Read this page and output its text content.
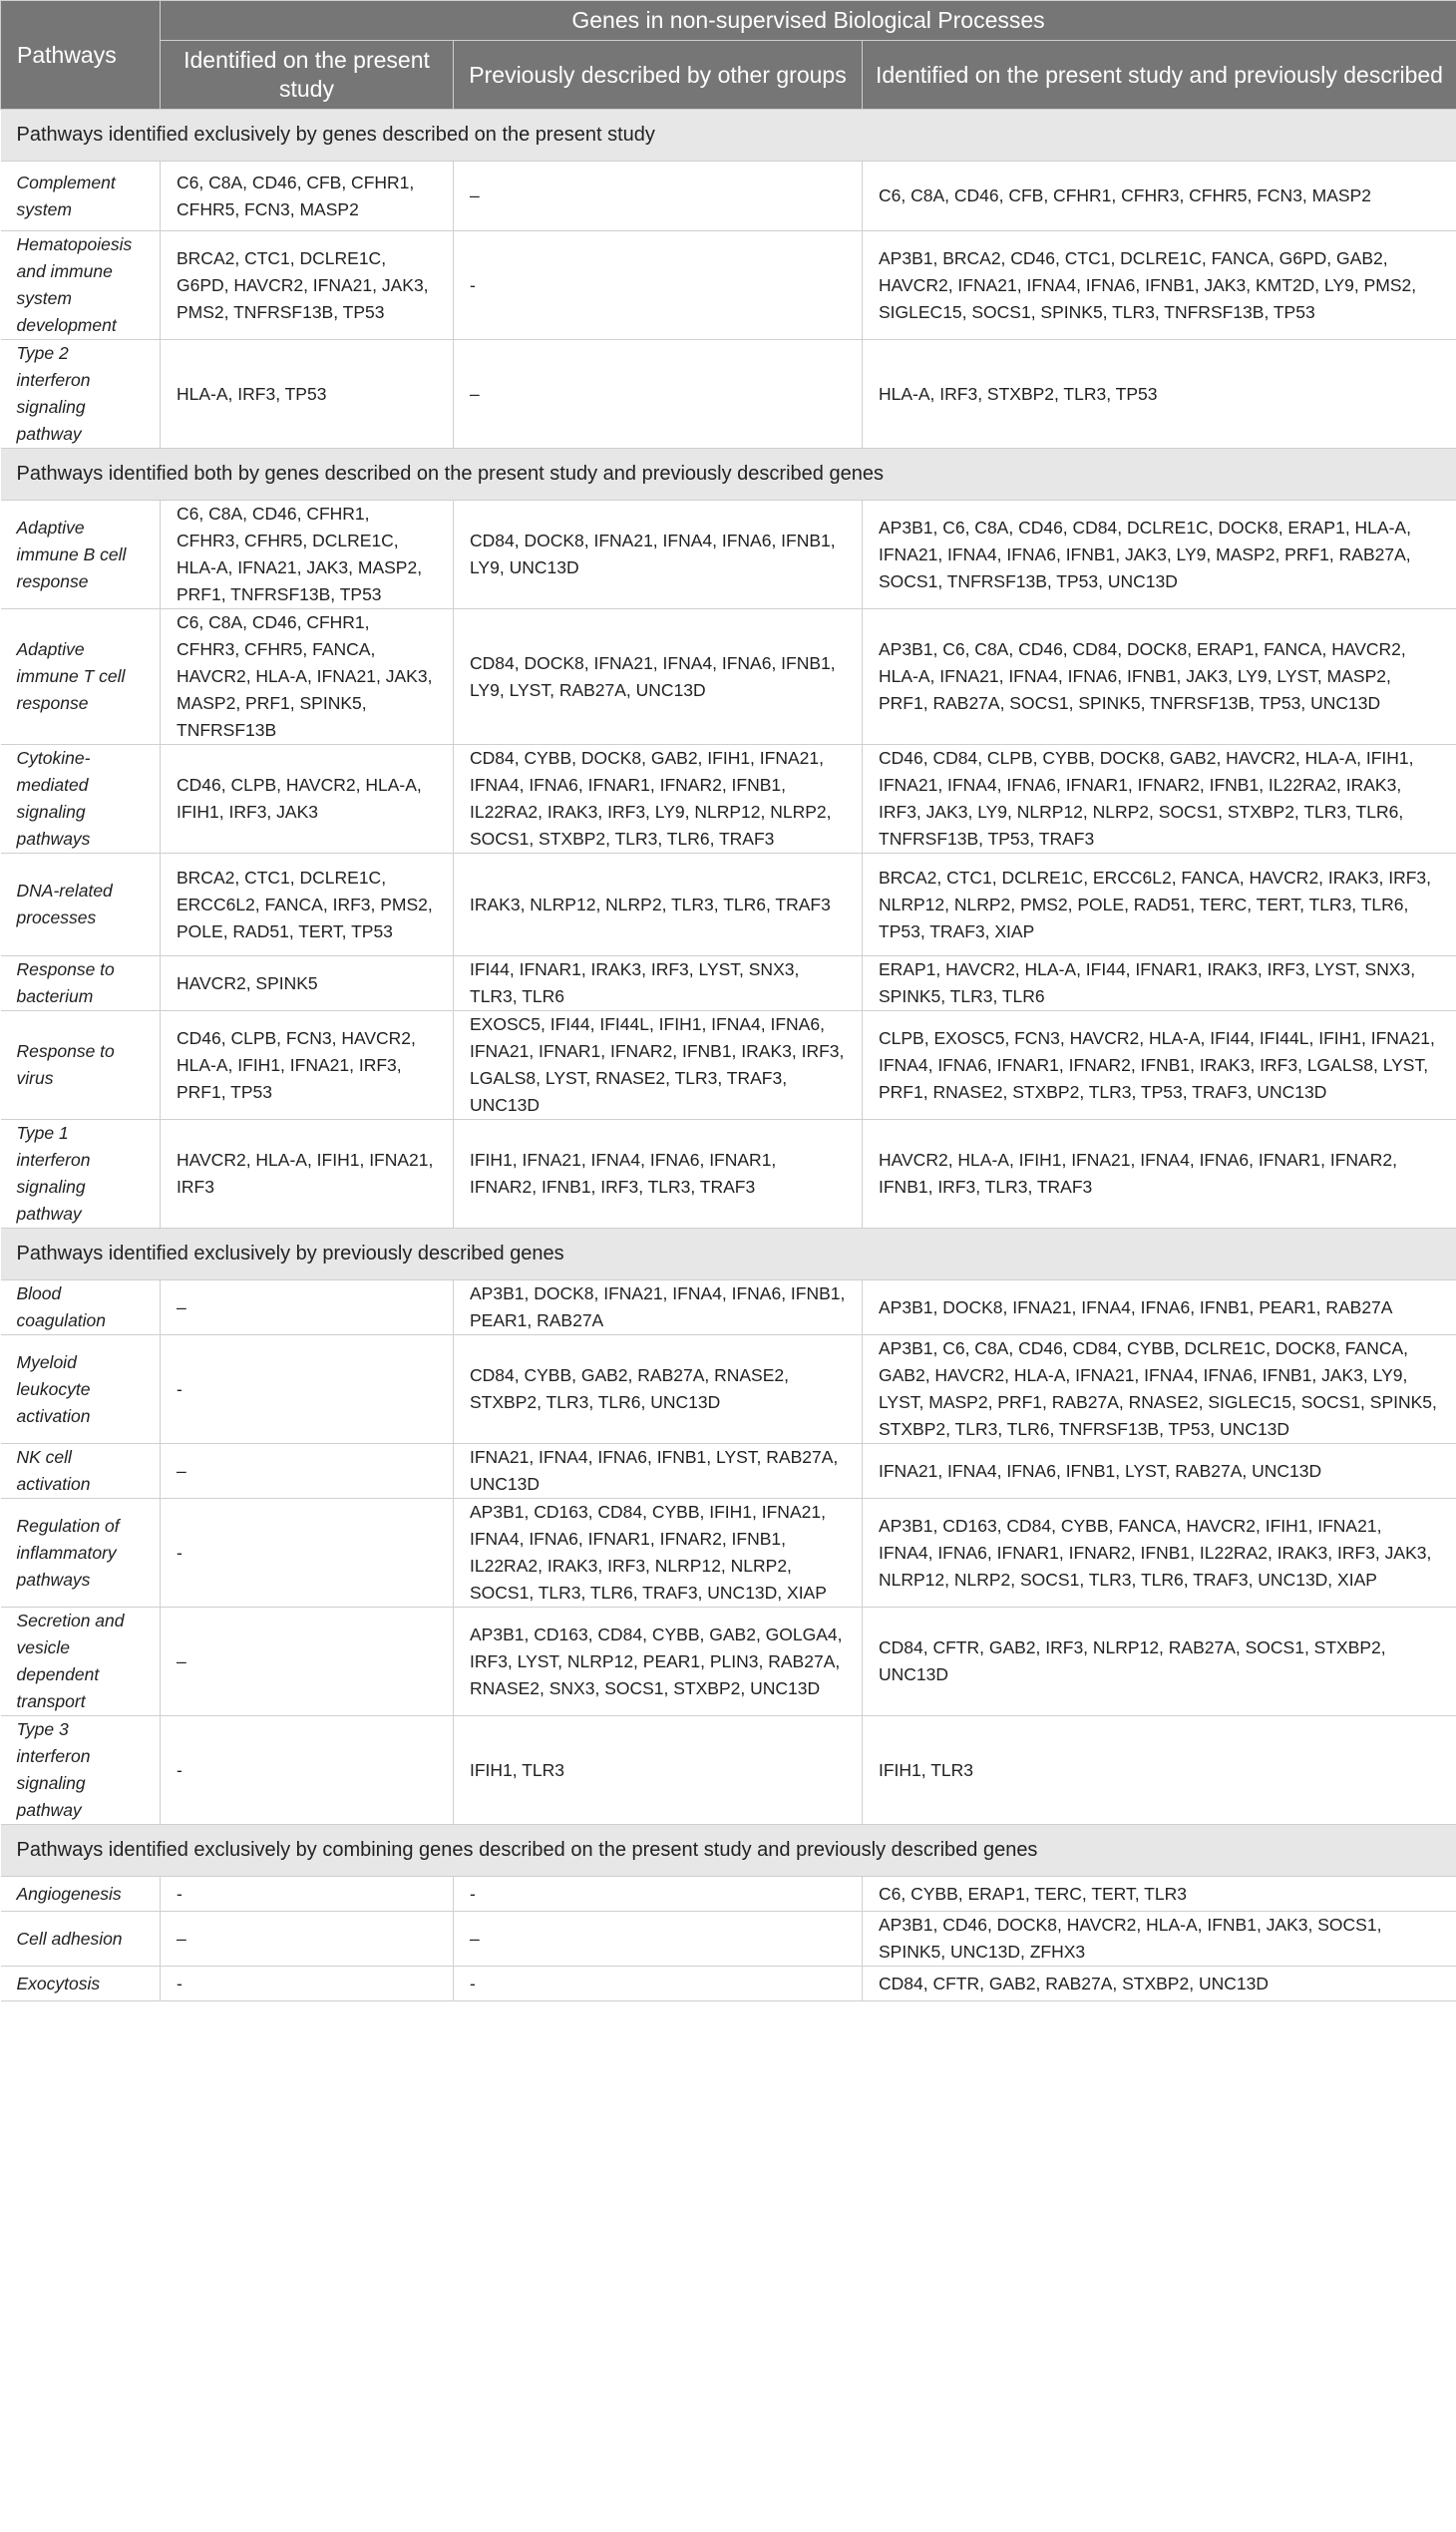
Pathways	Genes in non-supervised Biological Processes		
	Identified on the present study	Previously described by other groups	Identified on the present study and previously described
Pathways identified exclusively by genes described on the present study			
Complement system	C6, C8A, CD46, CFB, CFHR1, CFHR5, FCN3, MASP2	–	C6, C8A, CD46, CFB, CFHR1, CFHR3, CFHR5, FCN3, MASP2
Hematopoiesis and immune system development	BRCA2, CTC1, DCLRE1C, G6PD, HAVCR2, IFNA21, JAK3, PMS2, TNFRSF13B, TP53	-	AP3B1, BRCA2, CD46, CTC1, DCLRE1C, FANCA, G6PD, GAB2, HAVCR2, IFNA21, IFNA4, IFNA6, IFNB1, JAK3, KMT2D, LY9, PMS2, SIGLEC15, SOCS1, SPINK5, TLR3, TNFRSF13B, TP53
Type 2 interferon signaling pathway	HLA-A, IRF3, TP53	–	HLA-A, IRF3, STXBP2, TLR3, TP53
Pathways identified both by genes described on the present study and previously described genes			
Adaptive immune B cell response	C6, C8A, CD46, CFHR1, CFHR3, CFHR5, DCLRE1C, HLA-A, IFNA21, JAK3, MASP2, PRF1, TNFRSF13B, TP53	CD84, DOCK8, IFNA21, IFNA4, IFNA6, IFNB1, LY9, UNC13D	AP3B1, C6, C8A, CD46, CD84, DCLRE1C, DOCK8, ERAP1, HLA-A, IFNA21, IFNA4, IFNA6, IFNB1, JAK3, LY9, MASP2, PRF1, RAB27A, SOCS1, TNFRSF13B, TP53, UNC13D
Adaptive immune T cell response	C6, C8A, CD46, CFHR1, CFHR3, CFHR5, FANCA, HAVCR2, HLA-A, IFNA21, JAK3, MASP2, PRF1, SPINK5, TNFRSF13B	CD84, DOCK8, IFNA21, IFNA4, IFNA6, IFNB1, LY9, LYST, RAB27A, UNC13D	AP3B1, C6, C8A, CD46, CD84, DOCK8, ERAP1, FANCA, HAVCR2, HLA-A, IFNA21, IFNA4, IFNA6, IFNB1, JAK3, LY9, LYST, MASP2, PRF1, RAB27A, SOCS1, SPINK5, TNFRSF13B, TP53, UNC13D
Cytokine-mediated signaling pathways	CD46, CLPB, HAVCR2, HLA-A, IFIH1, IRF3, JAK3	CD84, CYBB, DOCK8, GAB2, IFIH1, IFNA21, IFNA4, IFNA6, IFNAR1, IFNAR2, IFNB1, IL22RA2, IRAK3, IRF3, LY9, NLRP12, NLRP2, SOCS1, STXBP2, TLR3, TLR6, TRAF3	CD46, CD84, CLPB, CYBB, DOCK8, GAB2, HAVCR2, HLA-A, IFIH1, IFNA21, IFNA4, IFNA6, IFNAR1, IFNAR2, IFNB1, IL22RA2, IRAK3, IRF3, JAK3, LY9, NLRP12, NLRP2, SOCS1, STXBP2, TLR3, TLR6, TNFRSF13B, TP53, TRAF3
DNA-related processes	BRCA2, CTC1, DCLRE1C, ERCC6L2, FANCA, IRF3, PMS2, POLE, RAD51, TERT, TP53	IRAK3, NLRP12, NLRP2, TLR3, TLR6, TRAF3	BRCA2, CTC1, DCLRE1C, ERCC6L2, FANCA, HAVCR2, IRAK3, IRF3, NLRP12, NLRP2, PMS2, POLE, RAD51, TERC, TERT, TLR3, TLR6, TP53, TRAF3, XIAP
Response to bacterium	HAVCR2, SPINK5	IFI44, IFNAR1, IRAK3, IRF3, LYST, SNX3, TLR3, TLR6	ERAP1, HAVCR2, HLA-A, IFI44, IFNAR1, IRAK3, IRF3, LYST, SNX3, SPINK5, TLR3, TLR6
Response to virus	CD46, CLPB, FCN3, HAVCR2, HLA-A, IFIH1, IFNA21, IRF3, PRF1, TP53	EXOSC5, IFI44, IFI44L, IFIH1, IFNA4, IFNA6, IFNA21, IFNAR1, IFNAR2, IFNB1, IRAK3, IRF3, LGALS8, LYST, RNASE2, TLR3, TRAF3, UNC13D	CLPB, EXOSC5, FCN3, HAVCR2, HLA-A, IFI44, IFI44L, IFIH1, IFNA21, IFNA4, IFNA6, IFNAR1, IFNAR2, IFNB1, IRAK3, IRF3, LGALS8, LYST, PRF1, RNASE2, STXBP2, TLR3, TP53, TRAF3, UNC13D
Type 1 interferon signaling pathway	HAVCR2, HLA-A, IFIH1, IFNA21, IRF3	IFIH1, IFNA21, IFNA4, IFNA6, IFNAR1, IFNAR2, IFNB1, IRF3, TLR3, TRAF3	HAVCR2, HLA-A, IFIH1, IFNA21, IFNA4, IFNA6, IFNAR1, IFNAR2, IFNB1, IRF3, TLR3, TRAF3
Pathways identified exclusively by previously described genes			
Blood coagulation	–	AP3B1, DOCK8, IFNA21, IFNA4, IFNA6, IFNB1, PEAR1, RAB27A	AP3B1, DOCK8, IFNA21, IFNA4, IFNA6, IFNB1, PEAR1, RAB27A
Myeloid leukocyte activation	-	CD84, CYBB, GAB2, RAB27A, RNASE2, STXBP2, TLR3, TLR6, UNC13D	AP3B1, C6, C8A, CD46, CD84, CYBB, DCLRE1C, DOCK8, FANCA, GAB2, HAVCR2, HLA-A, IFNA21, IFNA4, IFNA6, IFNB1, JAK3, LY9, LYST, MASP2, PRF1, RAB27A, RNASE2, SIGLEC15, SOCS1, SPINK5, STXBP2, TLR3, TLR6, TNFRSF13B, TP53, UNC13D
NK cell activation	–	IFNA21, IFNA4, IFNA6, IFNB1, LYST, RAB27A, UNC13D	IFNA21, IFNA4, IFNA6, IFNB1, LYST, RAB27A, UNC13D
Regulation of inflammatory pathways	-	AP3B1, CD163, CD84, CYBB, IFIH1, IFNA21, IFNA4, IFNA6, IFNAR1, IFNAR2, IFNB1, IL22RA2, IRAK3, IRF3, NLRP12, NLRP2, SOCS1, TLR3, TLR6, TRAF3, UNC13D, XIAP	AP3B1, CD163, CD84, CYBB, FANCA, HAVCR2, IFIH1, IFNA21, IFNA4, IFNA6, IFNAR1, IFNAR2, IFNB1, IL22RA2, IRAK3, IRF3, JAK3, NLRP12, NLRP2, SOCS1, TLR3, TLR6, TRAF3, UNC13D, XIAP
Secretion and vesicle dependent transport	–	AP3B1, CD163, CD84, CYBB, GAB2, GOLGA4, IRF3, LYST, NLRP12, PEAR1, PLIN3, RAB27A, RNASE2, SNX3, SOCS1, STXBP2, UNC13D	CD84, CFTR, GAB2, IRF3, NLRP12, RAB27A, SOCS1, STXBP2, UNC13D
Type 3 interferon signaling pathway	-	IFIH1, TLR3	IFIH1, TLR3
Pathways identified exclusively by combining genes described on the present study and previously described genes			
Angiogenesis	-	-	C6, CYBB, ERAP1, TERC, TERT, TLR3
Cell adhesion	–	–	AP3B1, CD46, DOCK8, HAVCR2, HLA-A, IFNB1, JAK3, SOCS1, SPINK5, UNC13D, ZFHX3
Exocytosis	-	-	CD84, CFTR, GAB2, RAB27A, STXBP2, UNC13D
